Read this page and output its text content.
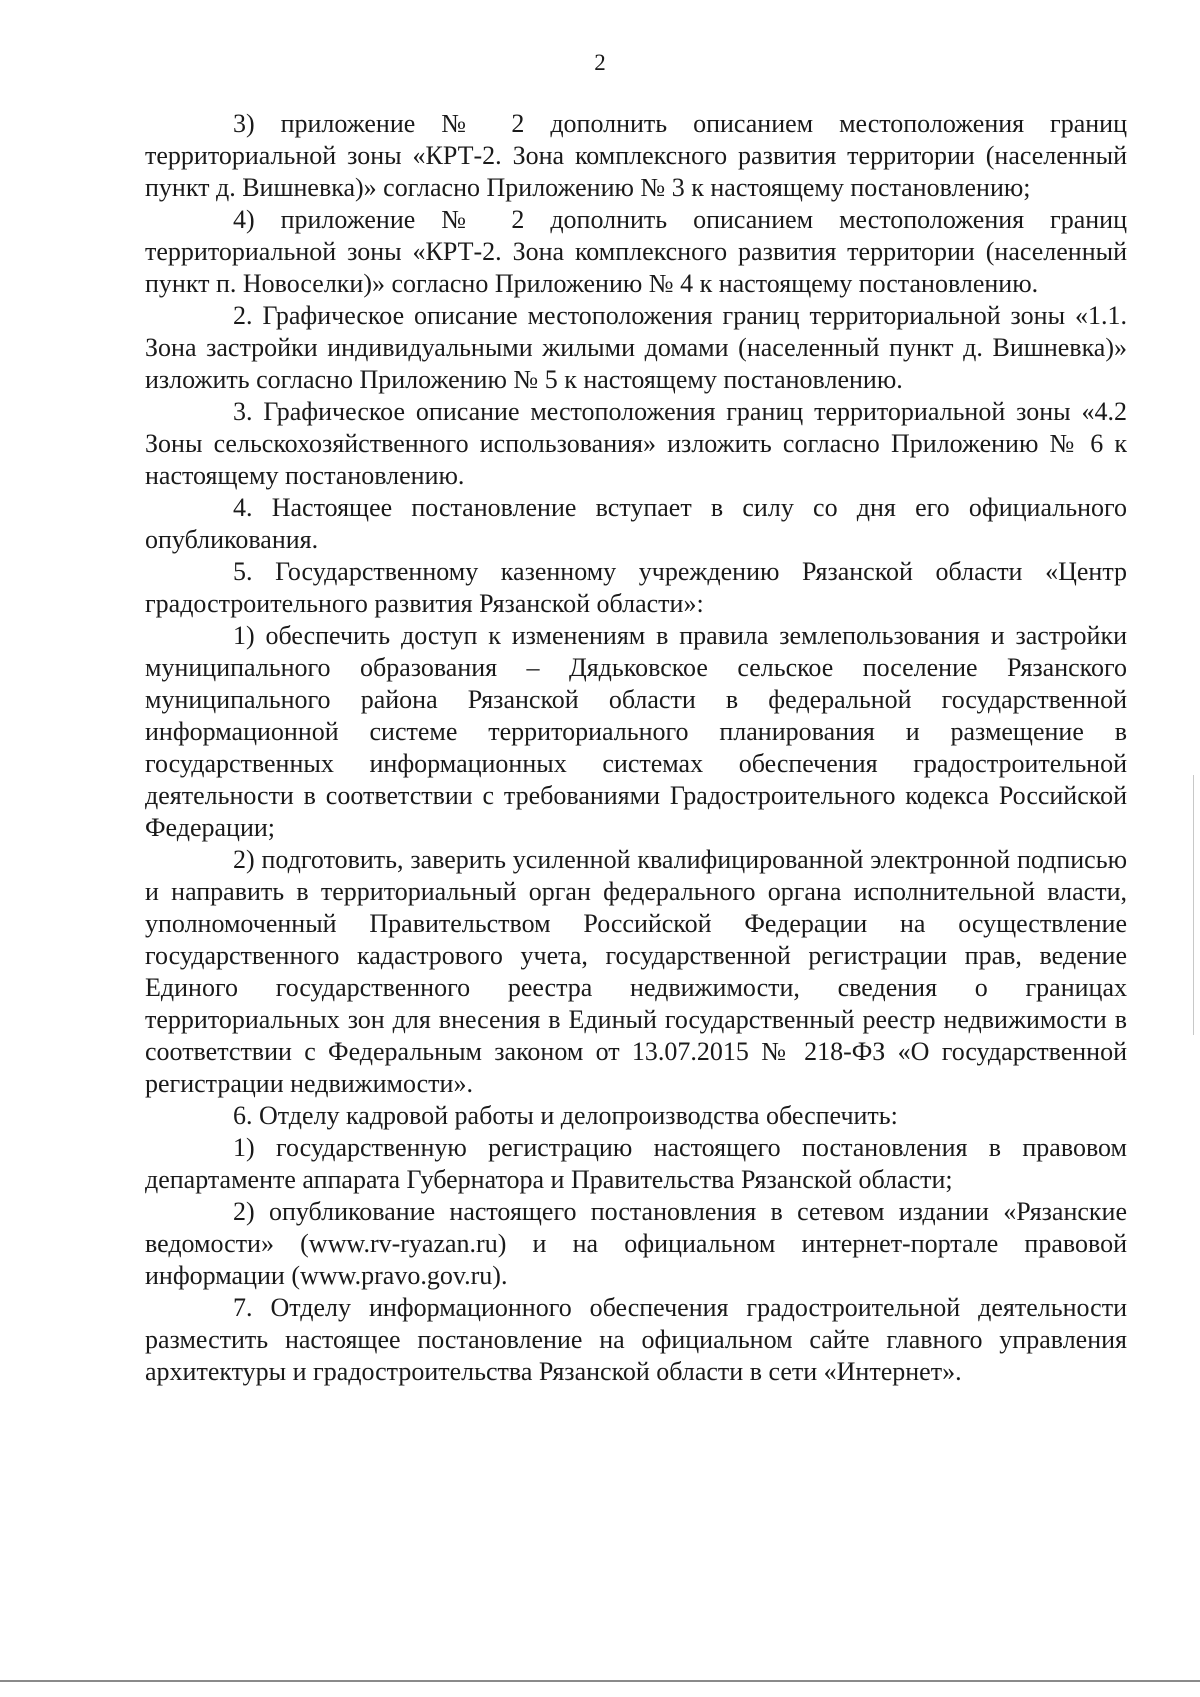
2

3) приложение № 2 дополнить описанием местоположения границ территориальной зоны «КРТ-2. Зона комплексного развития территории (населенный пункт д. Вишневка)» согласно Приложению № 3 к настоящему постановлению;

4) приложение № 2 дополнить описанием местоположения границ территориальной зоны «КРТ-2. Зона комплексного развития территории (населенный пункт п. Новоселки)» согласно Приложению № 4 к настоящему постановлению.

2. Графическое описание местоположения границ территориальной зоны «1.1. Зона застройки индивидуальными жилыми домами (населенный пункт д. Вишневка)» изложить согласно Приложению № 5 к настоящему постановлению.

3. Графическое описание местоположения границ территориальной зоны «4.2 Зоны сельскохозяйственного использования» изложить согласно Приложению № 6 к настоящему постановлению.

4. Настоящее постановление вступает в силу со дня его официального опубликования.

5. Государственному казенному учреждению Рязанской области «Центр градостроительного развития Рязанской области»:

1) обеспечить доступ к изменениям в правила землепользования и застройки муниципального образования – Дядьковское сельское поселение Рязанского муниципального района Рязанской области в федеральной государственной информационной системе территориального планирования и размещение в государственных информационных системах обеспечения градостроительной деятельности в соответствии с требованиями Градостроительного кодекса Российской Федерации;

2) подготовить, заверить усиленной квалифицированной электронной подписью и направить в территориальный орган федерального органа исполнительной власти, уполномоченный Правительством Российской Федерации на осуществление государственного кадастрового учета, государственной регистрации прав, ведение Единого государственного реестра недвижимости, сведения о границах территориальных зон для внесения в Единый государственный реестр недвижимости в соответствии с Федеральным законом от 13.07.2015 № 218-ФЗ «О государственной регистрации недвижимости».

6. Отделу кадровой работы и делопроизводства обеспечить:

1) государственную регистрацию настоящего постановления в правовом департаменте аппарата Губернатора и Правительства Рязанской области;

2) опубликование настоящего постановления в сетевом издании «Рязанские ведомости» (www.rv-ryazan.ru) и на официальном интернет-портале правовой информации (www.pravo.gov.ru).

7. Отделу информационного обеспечения градостроительной деятельности разместить настоящее постановление на официальном сайте главного управления архитектуры и градостроительства Рязанской области в сети «Интернет».
